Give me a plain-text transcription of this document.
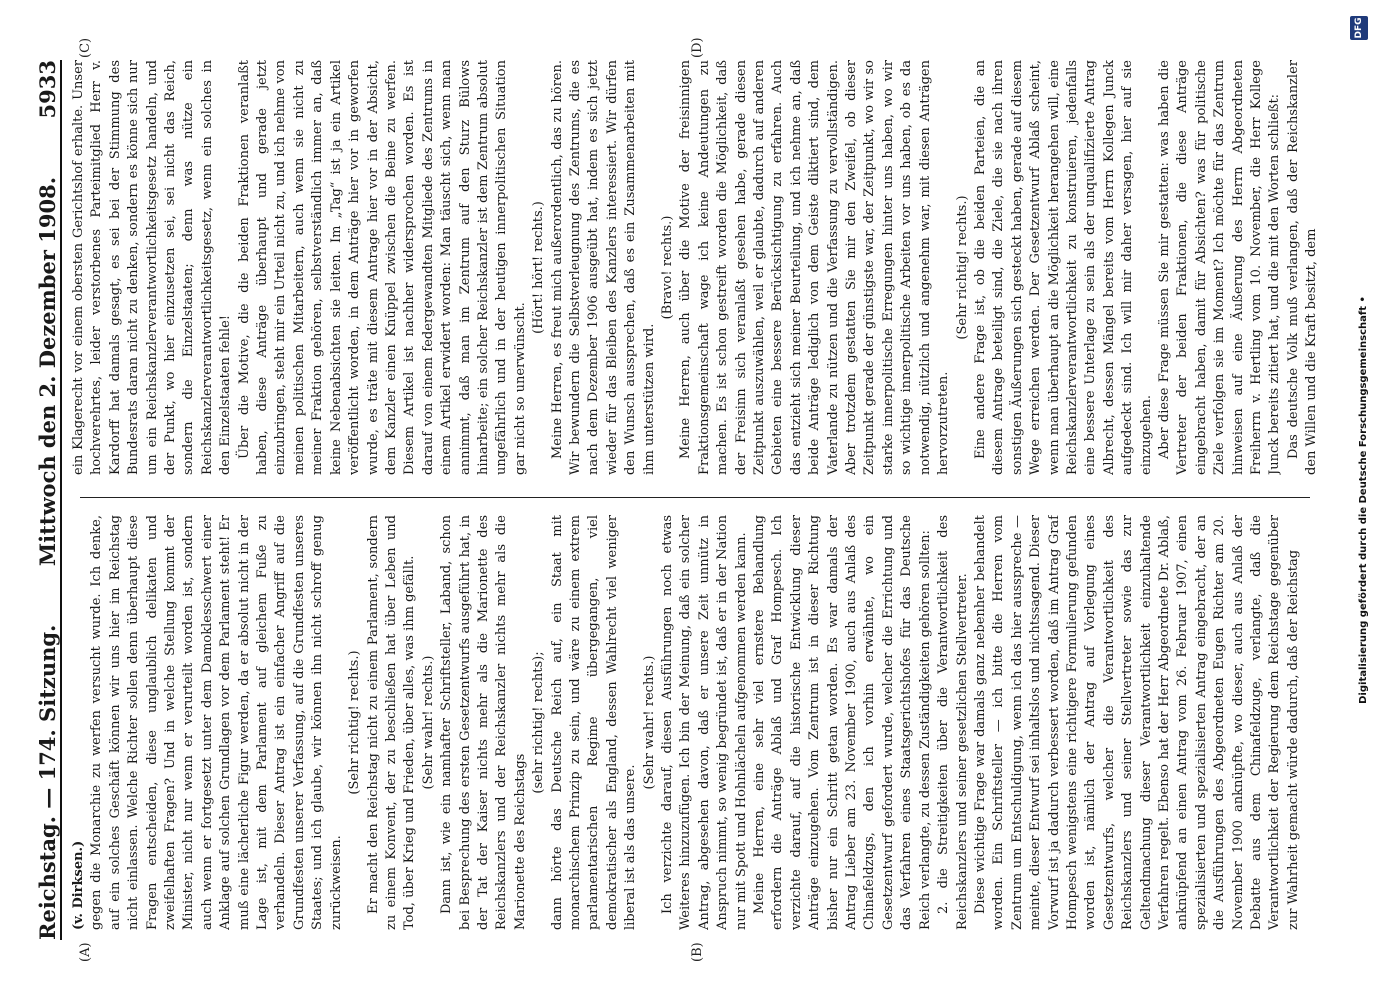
Reichstag. — 174. Sitzung.
Mittwoch den 2. Dezember 1908.
5933
(A)	(B)
(C)	(D)

(v. Dirksen.) gegen die Monarchie zu werfen versucht wurde. Ich denke, auf ein solches Geschäft können wir uns hier im Reichstag nicht einlassen. Welche Richter sollen denn überhaupt diese Fragen entscheiden, diese unglaublich delikaten und zweifelhaften Fragen? Und in welche Stellung kommt der Minister, nicht nur wenn er verurteilt worden ist, sondern auch wenn er fortgesetzt unter dem Damoklesschwert einer Anklage auf solchen Grundlagen vor dem Parlament steht! Er muß eine lächerliche Figur werden, da er absolut nicht in der Lage ist, mit dem Parlament auf gleichem Fuße zu verhandeln. Dieser Antrag ist ein einfacher Angriff auf die Grundfesten unserer Verfassung, auf die Grundfesten unseres Staates; und ich glaube, wir können ihn nicht schroff genug zurückweisen.

(Sehr richtig! rechts.) Er macht den Reichstag nicht zu einem Parlament, sondern zu einem Konvent, der zu beschließen hat über Leben und Tod, über Krieg und Frieden, über alles, was ihm gefällt. (Sehr wahr! rechts.) Dann ist, wie ein namhafter Schriftsteller, Laband, schon bei Besprechung des ersten Gesetzentwurfs ausgeführt hat, in der Tat der Kaiser nichts mehr als die Marionette des Reichskanzlers und der Reichskanzler nichts mehr als die Marionette des Reichstags

(sehr richtig! rechts); dann hörte das Deutsche Reich auf, ein Staat mit monarchischem Prinzip zu sein, und wäre zu einem extrem parlamentarischen Regime übergegangen, viel demokratischer als England, dessen Wahlrecht viel weniger liberal ist als das unsere.

(Sehr wahr! rechts.) Ich verzichte darauf, diesen Ausführungen noch etwas Weiteres hinzuzufügen. Ich bin der Meinung, daß ein solcher Antrag, abgesehen davon, daß er unsere Zeit unnütz in Anspruch nimmt, so wenig begründet ist, daß er in der Nation nur mit Spott und Hohnlächeln aufgenommen werden kann. Meine Herren, eine sehr viel ernstere Behandlung erfordern die Anträge Ablaß und Graf Hompesch. Ich verzichte darauf, auf die historische Entwicklung dieser Anträge einzugehen. Vom Zentrum ist in dieser Richtung bisher nur ein Schritt getan worden. Es war damals der Antrag Lieber am 23. November 1900, auch aus Anlaß des Chinafeldzugs, den ich vorhin erwähnte, wo ein Gesetzentwurf gefordert wurde, welcher die Errichtung und das Verfahren eines Staatsgerichtshofes für das Deutsche Reich verlangte, zu dessen Zuständigkeiten gehören sollten: 2. die Streitigkeiten über die Verantwortlichkeit des Reichskanzlers und seiner gesetzlichen Stellvertreter. Diese wichtige Frage war damals ganz nebenher behandelt worden. Ein Schriftsteller — ich bitte die Herren vom Zentrum um Entschuldigung, wenn ich das hier ausspreche — meinte, dieser Entwurf sei inhaltslos und nichtssagend. Dieser Vorwurf ist ja dadurch verbessert worden, daß im Antrag Graf Hompesch wenigstens eine richtigere Formulierung gefunden worden ist, nämlich der Antrag auf Vorlegung eines Gesetzentwurfs, welcher die Verantwortlichkeit des Reichskanzlers und seiner Stellvertreter sowie das zur Geltendmachung dieser Verantwortlichkeit einzuhaltende Verfahren regelt. Ebenso hat der Herr Abgeordnete Dr. Ablaß, anknüpfend an einen Antrag vom 26. Februar 1907, einen spezialisierten und spezialisierten Antrag eingebracht, der an die Ausführungen des Abgeordneten Eugen Richter am 20. November 1900 anknüpfte, wo dieser, auch aus Anlaß der Debatte aus dem Chinafeldzuge, verlangte, daß die Verantwortlichkeit der Regierung dem Reichstage gegenüber zur Wahrheit gemacht würde dadurch, daß der Reichstag

ein Klagerecht vor einem obersten Gerichtshof erhalte. Unser hochverehrtes, leider verstorbenes Parteimitglied Herr v. Kardorff hat damals gesagt, es sei bei der Stimmung des Bundesrats daran nicht zu denken, sondern es könne sich nur um ein Reichskanzlerverantwortlichkeitsgesetz handeln, und der Punkt, wo hier einzusetzen sei, sei nicht das Reich, sondern die Einzelstaaten; denn was nütze ein Reichskanzlerverantwortlichkeitsgesetz, wenn ein solches in den Einzelstaaten fehle! Über die Motive, die die beiden Fraktionen veranlaßt haben, diese Anträge überhaupt und gerade jetzt einzubringen, steht mir ein Urteil nicht zu, und ich nehme von meinen politischen Mitarbeitern, auch wenn sie nicht zu meiner Fraktion gehören, selbstverständlich immer an, daß keine Nebenabsichten sie leiten. Im „Tag“ ist ja ein Artikel veröffentlicht worden, in dem Anträge hier vor in geworfen wurde, es träte mit diesem Antrage hier vor in der Absicht, dem Kanzler einen Knüppel zwischen die Beine zu werfen. Diesem Artikel ist nachher widersprochen worden. Es ist darauf von einem federgewandten Mitgliede des Zentrums in einem Artikel erwidert worden: Man täuscht sich, wenn man annimmt, daß man im Zentrum auf den Sturz Bülows hinarbeite; ein solcher Reichskanzler ist dem Zentrum absolut ungefährlich und in der heutigen innerpolitischen Situation gar nicht so unerwünscht.

(Hört! hört! rechts.) Meine Herren, es freut mich außerordentlich, das zu hören. Wir bewundern die Selbstverleugnung des Zentrums, die es nach dem Dezember 1906 ausgeübt hat, indem es sich jetzt wieder für das Bleiben des Kanzlers interessiert. Wir dürfen den Wunsch aussprechen, daß es ein Zusammenarbeiten mit ihm unterstützen wird.

(Bravo! rechts.) Meine Herren, auch über die Motive der freisinnigen Fraktionsgemeinschaft wage ich keine Andeutungen zu machen. Es ist schon gestreift worden die Möglichkeit, daß der Freisinn sich veranlaßt gesehen habe, gerade diesen Zeitpunkt auszuwählen, weil er glaubte, dadurch auf anderen Gebieten eine bessere Berücksichtigung zu erfahren. Auch das entzieht sich meiner Beurteilung, und ich nehme an, daß beide Anträge lediglich von dem Geiste diktiert sind, dem Vaterlande zu nützen und die Verfassung zu vervollständigen. Aber trotzdem gestatten Sie mir den Zweifel, ob dieser Zeitpunkt gerade der günstigste war, der Zeitpunkt, wo wir so starke innerpolitische Erregungen hinter uns haben, wo wir so wichtige innerpolitische Arbeiten vor uns haben, ob es da notwendig, nützlich und angenehm war, mit diesen Anträgen hervorzutreten.

(Sehr richtig! rechts.) Eine andere Frage ist, ob die beiden Parteien, die an diesem Antrage beteiligt sind, die Ziele, die sie nach ihren sonstigen Äußerungen sich gesteckt haben, gerade auf diesem Wege erreichen werden. Der Gesetzentwurf Ablaß scheint, wenn man überhaupt an die Möglichkeit herangehen will, eine Reichskanzlerverantwortlichkeit zu konstruieren, jedenfalls eine bessere Unterlage zu sein als der unqualifizierte Antrag Albrecht, dessen Mängel bereits vom Herrn Kollegen Junck aufgedeckt sind. Ich will mir daher versagen, hier auf sie einzugehen. Aber diese Frage müssen Sie mir gestatten: was haben die Vertreter der beiden Fraktionen, die diese Anträge eingebracht haben, damit für Absichten? was für politische Ziele verfolgen sie im Moment? Ich möchte für das Zentrum hinweisen auf eine Äußerung des Herrn Abgeordneten Freiherrn v. Hertling vom 10. November, die Herr Kollege Junck bereits zitiert hat, und die mit den Worten schließt: Das deutsche Volk muß verlangen, daß der Reichskanzler den Willen und die Kraft besitzt, dem	Digitalisierung gefördert durch die Deutsche Forschungsgemeinschaft •
DFG
